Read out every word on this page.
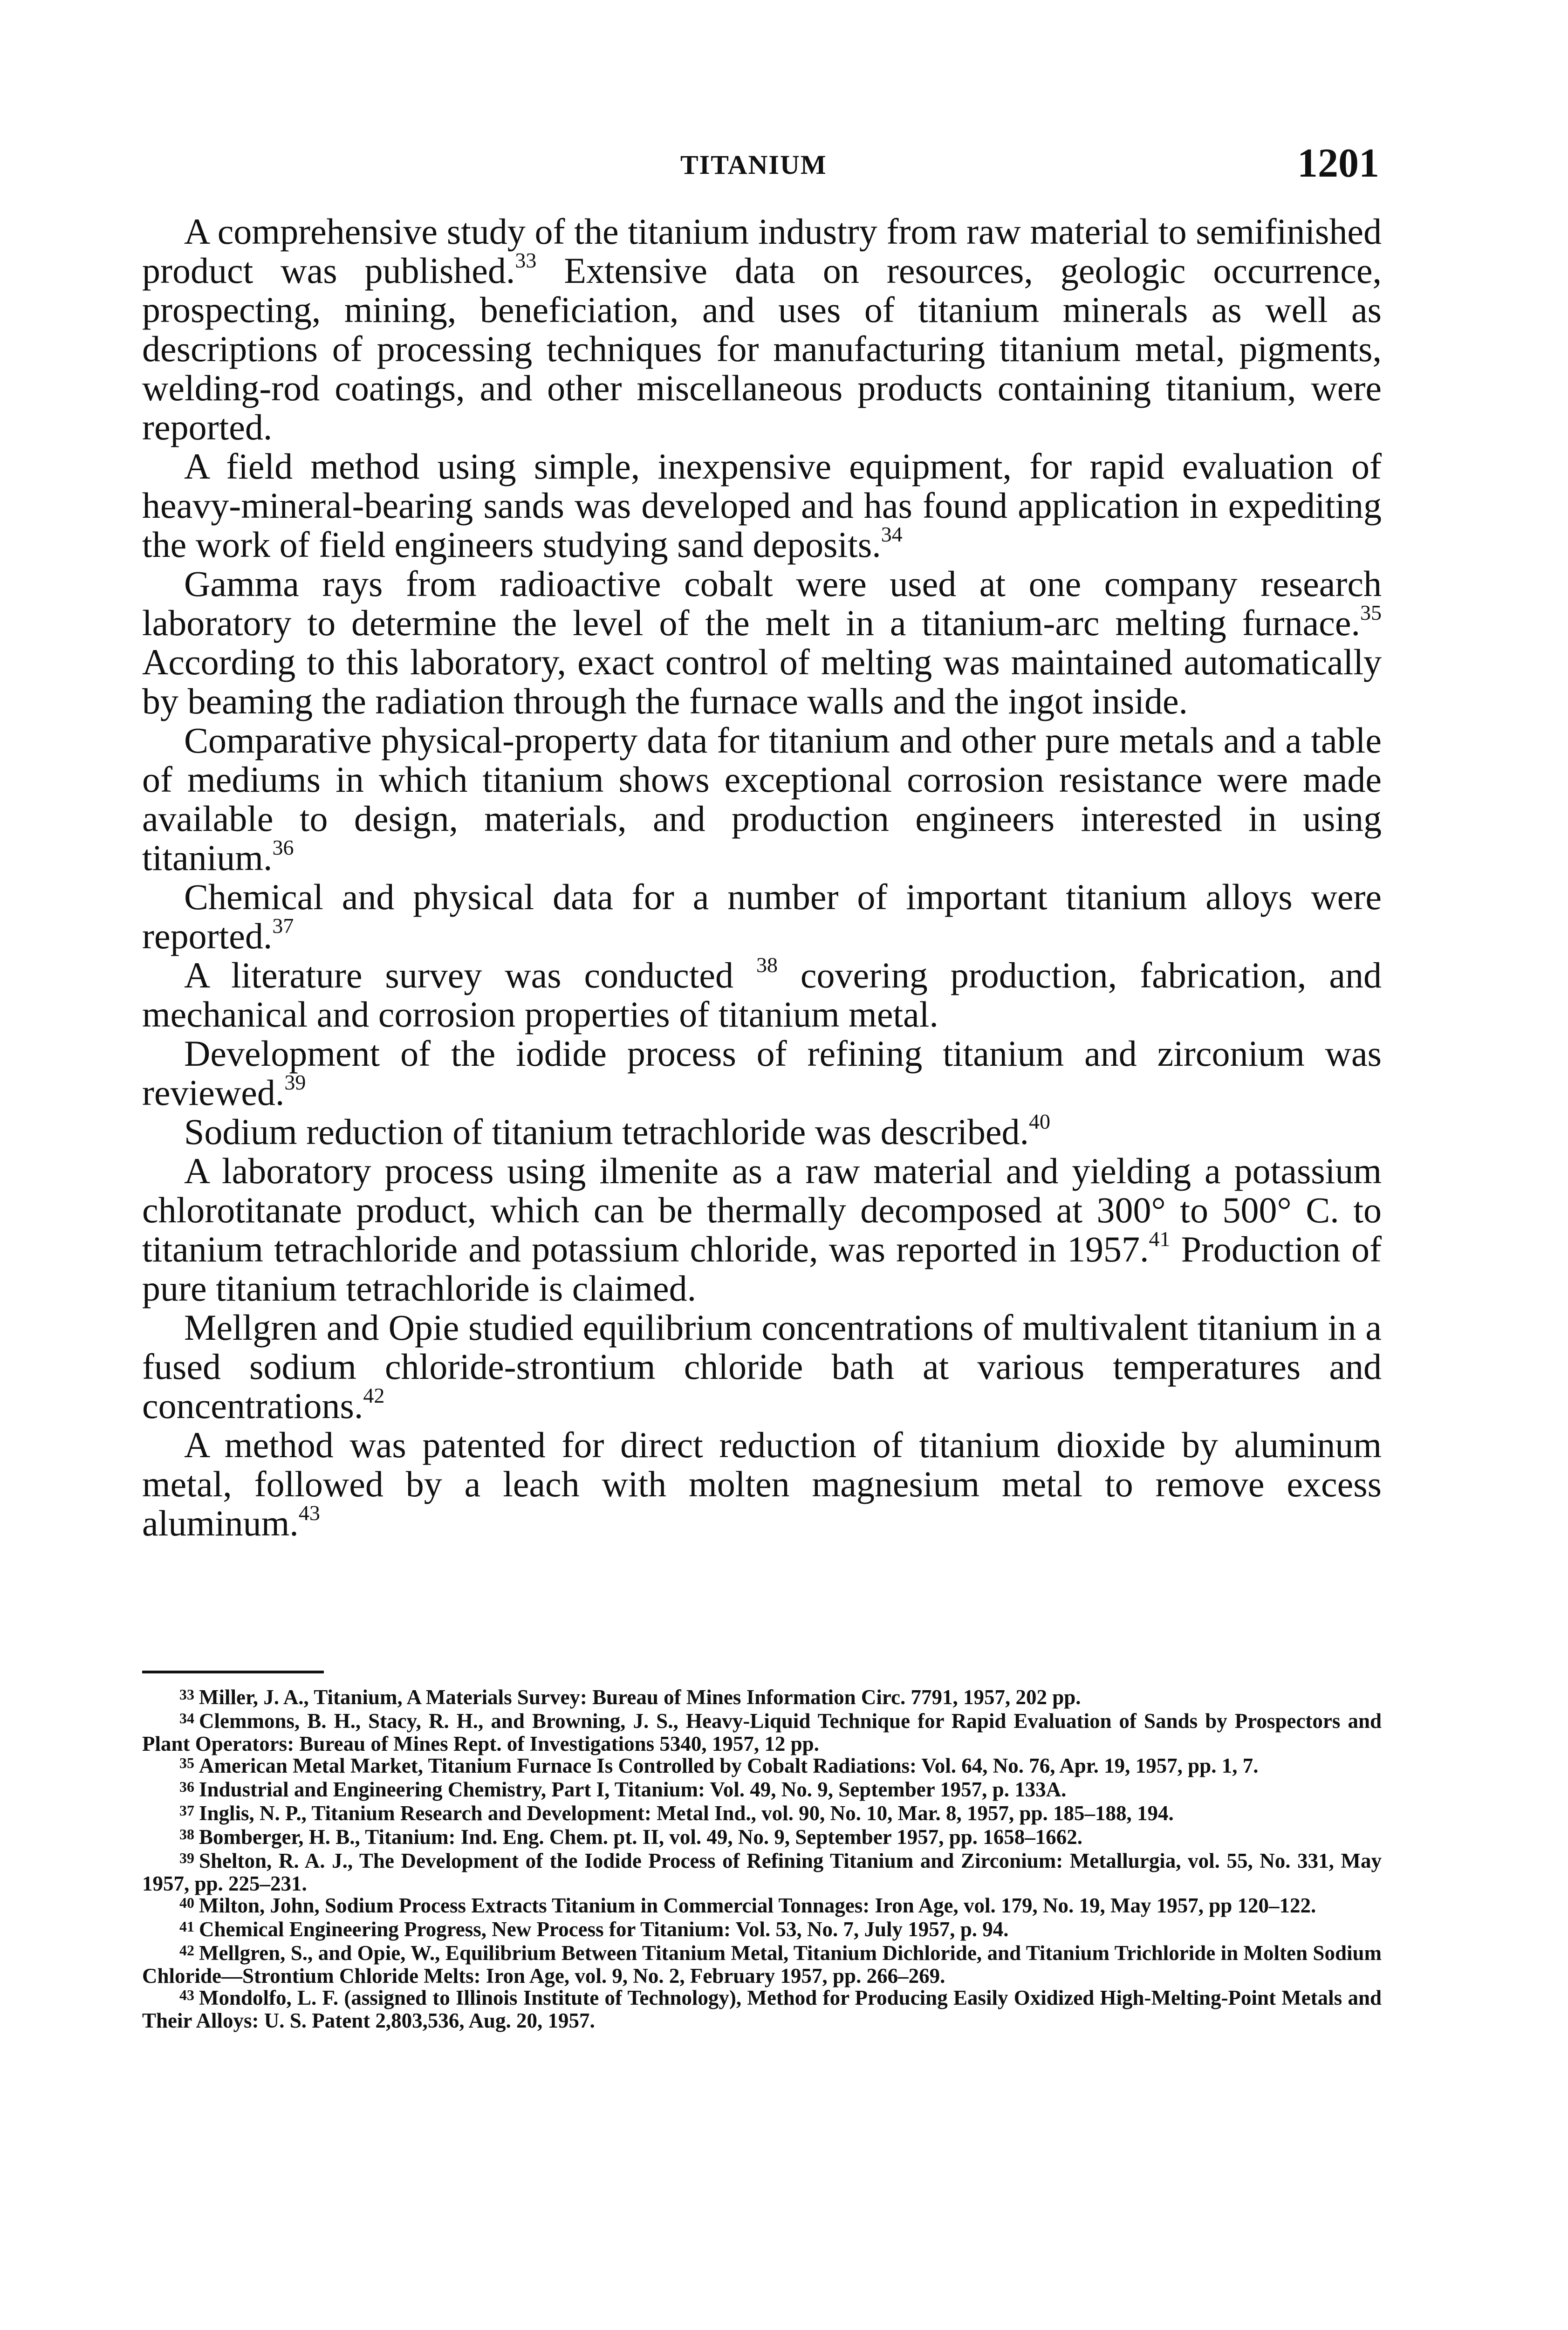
TITANIUM	1201

A comprehensive study of the titanium industry from raw material to semifinished product was published.$^{33}$ Extensive data on resources, geologic occurrence, prospecting, mining, beneficiation, and uses of titanium minerals as well as descriptions of processing techniques for manufacturing titanium metal, pigments, welding-rod coatings, and other miscellaneous products containing titanium, were reported.

A field method using simple, inexpensive equipment, for rapid evaluation of heavy-mineral-bearing sands was developed and has found application in expediting the work of field engineers studying sand deposits.$^{34}$

Gamma rays from radioactive cobalt were used at one company research laboratory to determine the level of the melt in a titanium-arc melting furnace.$^{35}$ According to this laboratory, exact control of melting was maintained automatically by beaming the radiation through the furnace walls and the ingot inside.

Comparative physical-property data for titanium and other pure metals and a table of mediums in which titanium shows exceptional corrosion resistance were made available to design, materials, and production engineers interested in using titanium.$^{36}$

Chemical and physical data for a number of important titanium alloys were reported.$^{37}$

A literature survey was conducted $^{38}$ covering production, fabrication, and mechanical and corrosion properties of titanium metal.

Development of the iodide process of refining titanium and zirconium was reviewed.$^{39}$

Sodium reduction of titanium tetrachloride was described.$^{40}$

A laboratory process using ilmenite as a raw material and yielding a potassium chlorotitanate product, which can be thermally decomposed at 300° to 500° C. to titanium tetrachloride and potassium chloride, was reported in 1957.41 Production of pure titanium tetrachloride is claimed.

Mellgren and Opie studied equilibrium concentrations of multivalent titanium in a fused sodium chloride-strontium chloride bath at various temperatures and concentrations.$^{42}$

A method was patented for direct reduction of titanium dioxide by aluminum metal, followed by a leach with molten magnesium metal to remove excess aluminum.$^{43}$

$^{33}$ Miller, J. A., Titanium, A Materials Survey: Bureau of Mines Information Circ. 7791, 1957, 202 pp.

$^{34}$ Clemmons, B. H., Stacy, R. H., and Browning, J. S., Heavy-Liquid Technique for Rapid Evaluation of Sands by Prospectors and Plant Operators: Bureau of Mines Rept. of Investigations 5340, 1957, 12 pp.

$^{35}$ American Metal Market, Titanium Furnace Is Controlled by Cobalt Radiations: Vol. 64, No. 76, Apr. 19, 1957, pp. 1, 7.

$^{36}$ Industrial and Engineering Chemistry, Part I, Titanium: Vol. 49, No. 9, September 1957, p. 133A.

$^{37}$ Inglis, N. P., Titanium Research and Development: Metal Ind., vol. 90, No. 10, Mar. 8, 1957, pp. 185–188, 194.

$^{38}$ Bomberger, H. B., Titanium: Ind. Eng. Chem. pt. II, vol. 49, No. 9, September 1957, pp. 1658–1662.

$^{39}$ Shelton, R. A. J., The Development of the Iodide Process of Refining Titanium and Zirconium: Metallurgia, vol. 55, No. 331, May 1957, pp. 225–231.

$^{40}$ Milton, John, Sodium Process Extracts Titanium in Commercial Tonnages: Iron Age, vol. 179, No. 19, May 1957, pp 120–122.

$^{41}$ Chemical Engineering Progress, New Process for Titanium: Vol. 53, No. 7, July 1957, p. 94.

$^{42}$ Mellgren, S., and Opie, W., Equilibrium Between Titanium Metal, Titanium Dichloride, and Titanium Trichloride in Molten Sodium Chloride—Strontium Chloride Melts: Iron Age, vol. 9, No. 2, February 1957, pp. 266–269.

$^{43}$ Mondolfo, L. F. (assigned to Illinois Institute of Technology), Method for Producing Easily Oxidized High-Melting-Point Metals and Their Alloys: U. S. Patent 2,803,536, Aug. 20, 1957.
